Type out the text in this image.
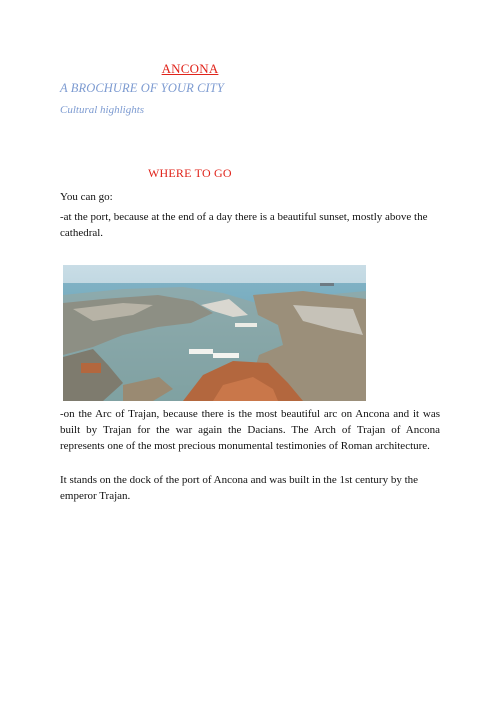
ANCONA
A BROCHURE OF YOUR CITY
Cultural highlights
WHERE TO GO

You can go:

-at the port, because at the end of a day there is a beautiful sunset, mostly above the cathedral.

photo.tarazonafotografo.it

-on the Arc of Trajan, because there is the most beautiful arc on Ancona and it was built by Trajan for the war again the Dacians. The Arch of Trajan of Ancona represents one of the most precious monumental testimonies of Roman architecture.

It stands on the dock of the port of Ancona and was built in the 1st century by the emperor Trajan.
